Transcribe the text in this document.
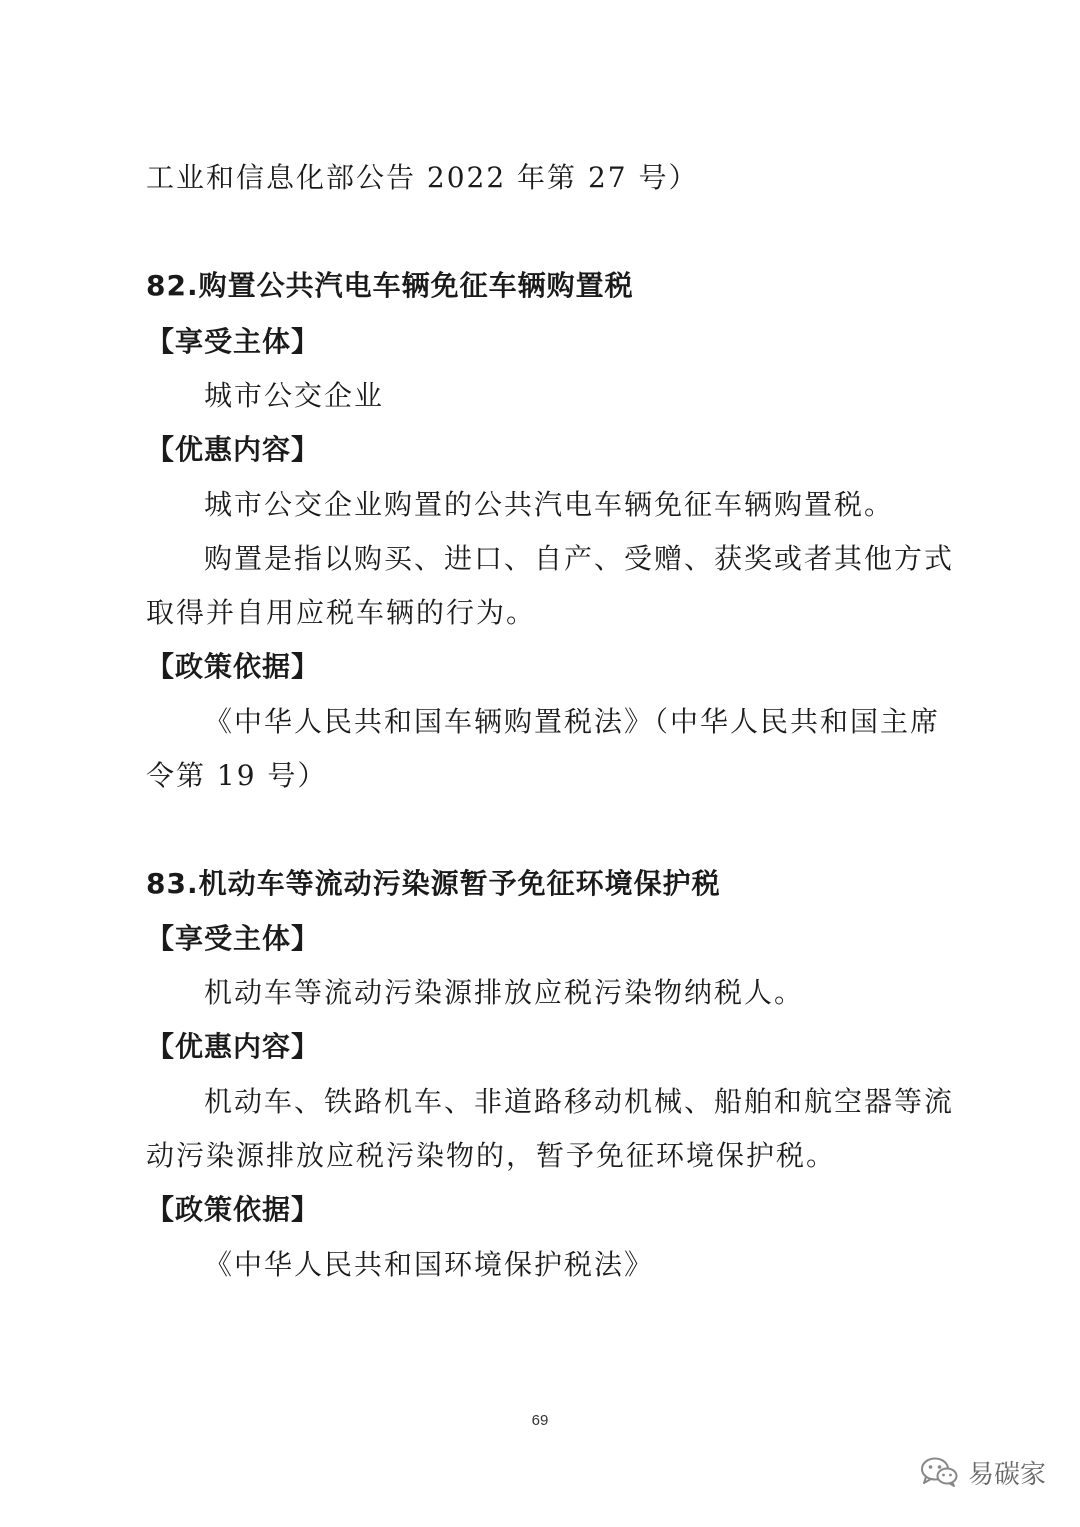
工业和信息化部公告 2022 年第 27 号）
82.购置公共汽电车辆免征车辆购置税
【享受主体】
城市公交企业
【优惠内容】
城市公交企业购置的公共汽电车辆免征车辆购置税。
购置是指以购买、进口、自产、受赠、获奖或者其他方式
取得并自用应税车辆的行为。
【政策依据】
《中华人民共和国车辆购置税法》（中华人民共和国主席
令第 19 号）
83.机动车等流动污染源暂予免征环境保护税
【享受主体】
机动车等流动污染源排放应税污染物纳税人。
【优惠内容】
机动车、铁路机车、非道路移动机械、船舶和航空器等流
动污染源排放应税污染物的，暂予免征环境保护税。
【政策依据】
《中华人民共和国环境保护税法》
69
易碳家
